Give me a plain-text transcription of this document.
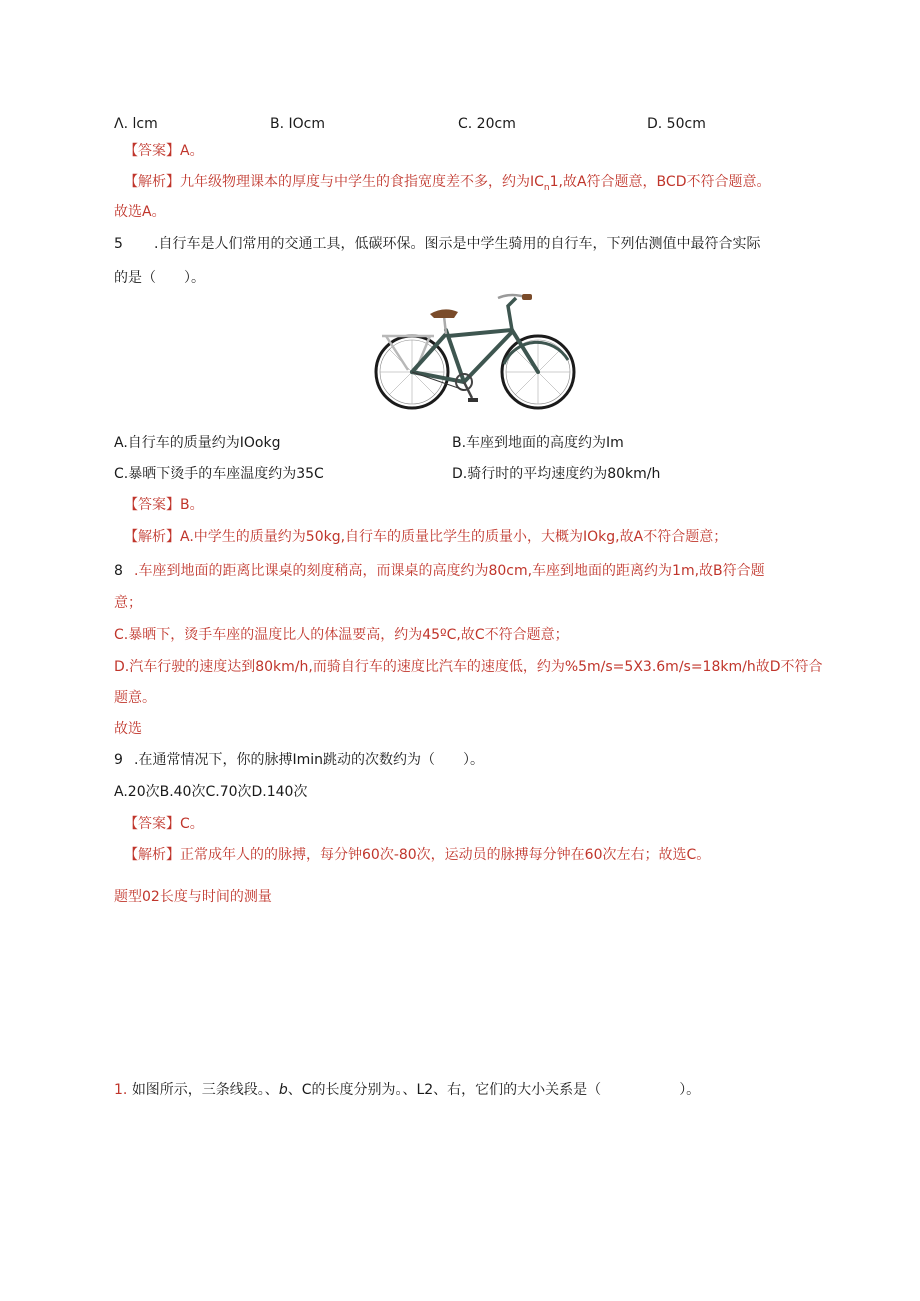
Λ. lcm	B. IOcm	C. 20cm	D. 50cm
【答案】A。
【解析】九年级物理课本的厚度与中学生的食指宽度差不多，约为$IC_n1$,故A符合题意，BCD不符合题意。
故选A。
5 .自行车是人们常用的交通工具，低碳环保。图示是中学生骑用的自行车，下列估测值中最符合实际
的是（　　）。
A.自行车的质量约为IOokg	B.车座到地面的高度约为Im
C.暴晒下烫手的车座温度约为35C	D.骑行时的平均速度约为80km∕h
【答案】B。
【解析】A.中学生的质量约为50kg,自行车的质量比学生的质量小，大概为IOkg,故A不符合题意；
8 .车座到地面的距离比课桌的刻度稍高，而课桌的高度约为80cm,车座到地面的距离约为1m,故B符合题
意；
C.暴晒下，烫手车座的温度比人的体温要高，约为45ºC,故C不符合题意；
D.汽车行驶的速度达到80km∕h,而骑自行车的速度比汽车的速度低，约为%5m∕s=5X3.6m∕s=18km∕h故D不符合
题意。
故选
9 .在通常情况下，你的脉搏Imin跳动的次数约为（　　）。
A.20次B.40次C.70次D.140次
【答案】C。
【解析】正常成年人的的脉搏，每分钟60次-80次，运动员的脉搏每分钟在60次左右；故选C。
题型02长度与时间的测量
1. 如图所示，三条线段。、b、C的长度分别为。、L2、右，它们的大小关系是（	）。
